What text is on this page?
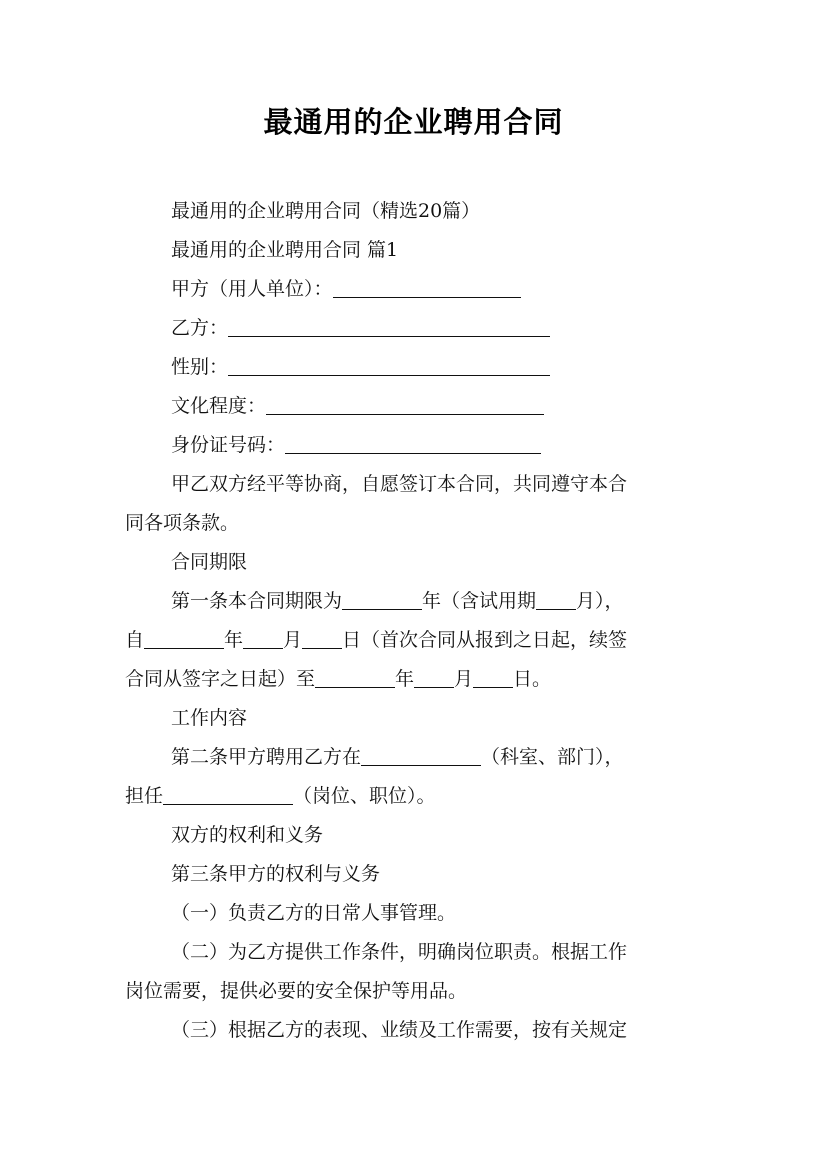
最通用的企业聘用合同
最通用的企业聘用合同（精选20篇）
最通用的企业聘用合同 篇1
甲方（用人单位）：
乙方：
性别：
文化程度：
身份证号码：
甲乙双方经平等协商，自愿签订本合同，共同遵守本合
同各项条款。
合同期限
第一条本合同期限为	年（含试用期 月），
自	年 月 日（首次合同从报到之日起，续签
合同从签字之日起）至	年 月 日。
工作内容
第二条甲方聘用乙方在	（科室、部门），
担任	（岗位、职位）。
双方的权利和义务
第三条甲方的权利与义务
（一）负责乙方的日常人事管理。
（二）为乙方提供工作条件，明确岗位职责。根据工作
岗位需要，提供必要的安全保护等用品。
（三）根据乙方的表现、业绩及工作需要，按有关规定
